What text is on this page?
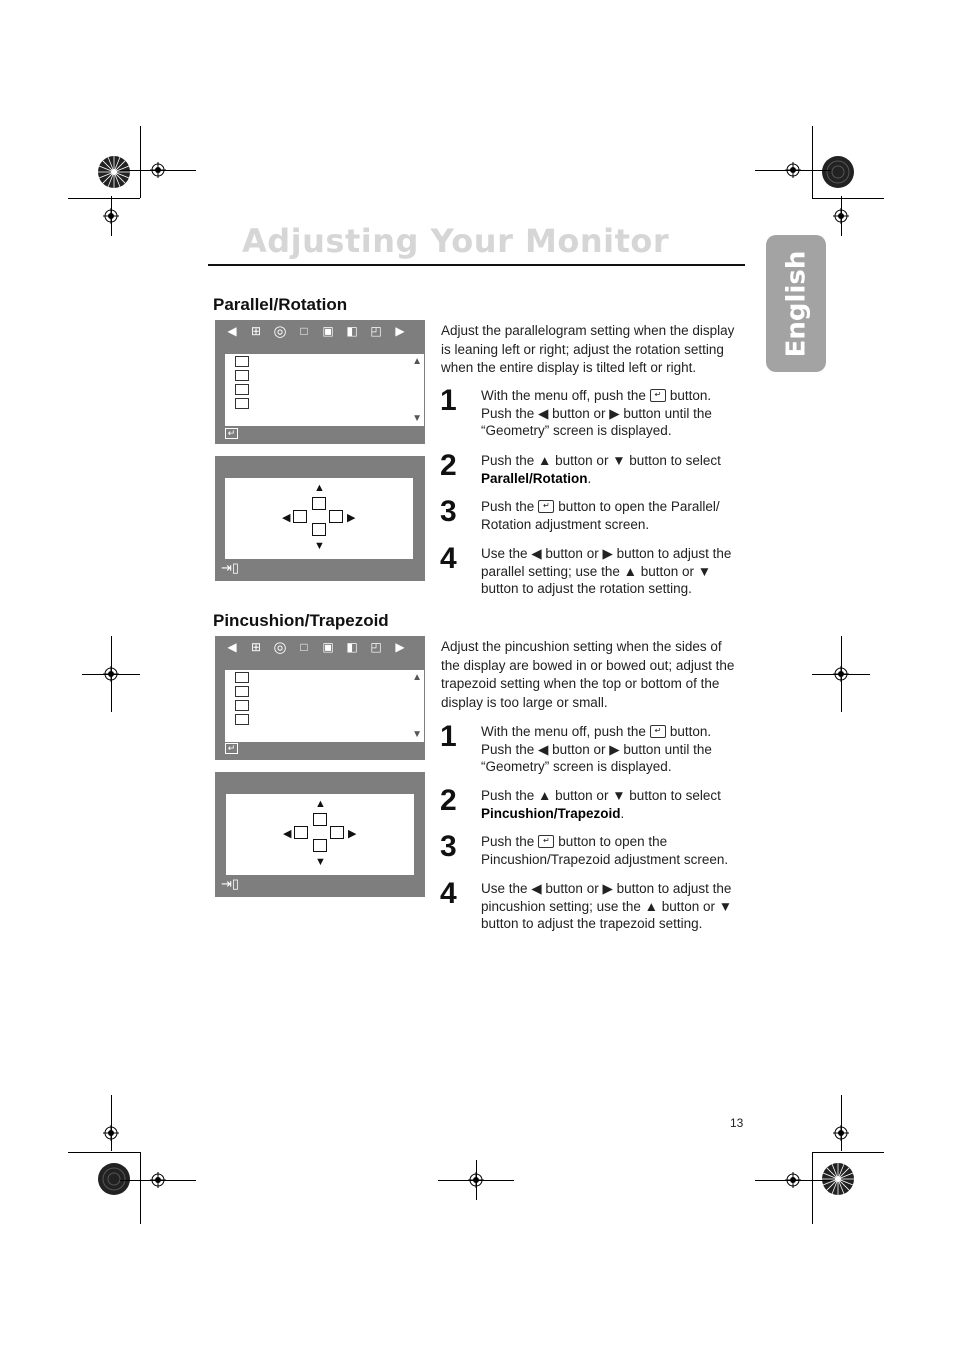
Adjusting Your Monitor
English
Parallel/Rotation
◀	⊞ ◎	□	▣	◧	◰	▶
▲
▼
↵
▲
◀	▶
▼
⇥▯
Adjust the parallelogram setting when the display is leaning left or right; adjust the rotation setting when the entire display is tilted left or right.
1 With the menu off, push the ↵ button. Push the ◀ button or ▶ button until the “Geometry” screen is displayed.
2 Push the ▲ button or ▼ button to select Parallel/Rotation.
3 Push the ↵ button to open the Parallel/ Rotation adjustment screen.
4 Use the ◀ button or ▶ button to adjust the parallel setting; use the ▲ button or ▼ button to adjust the rotation setting.
Pincushion/Trapezoid
◀	⊞ ◎	□	▣	◧	◰	▶
▲
▼
↵
▲
◀	▶
▼
⇥▯
Adjust the pincushion setting when the sides of the display are bowed in or bowed out; adjust the trapezoid setting when the top or bottom of the display is too large or small.
1 With the menu off, push the ↵ button. Push the ◀ button or ▶ button until the “Geometry” screen is displayed.
2 Push the ▲ button or ▼ button to select Pincushion/Trapezoid.
3 Push the ↵ button to open the Pincushion/Trapezoid adjustment screen.
4 Use the ◀ button or ▶ button to adjust the pincushion setting; use the ▲ button or ▼ button to adjust the trapezoid setting.
13
